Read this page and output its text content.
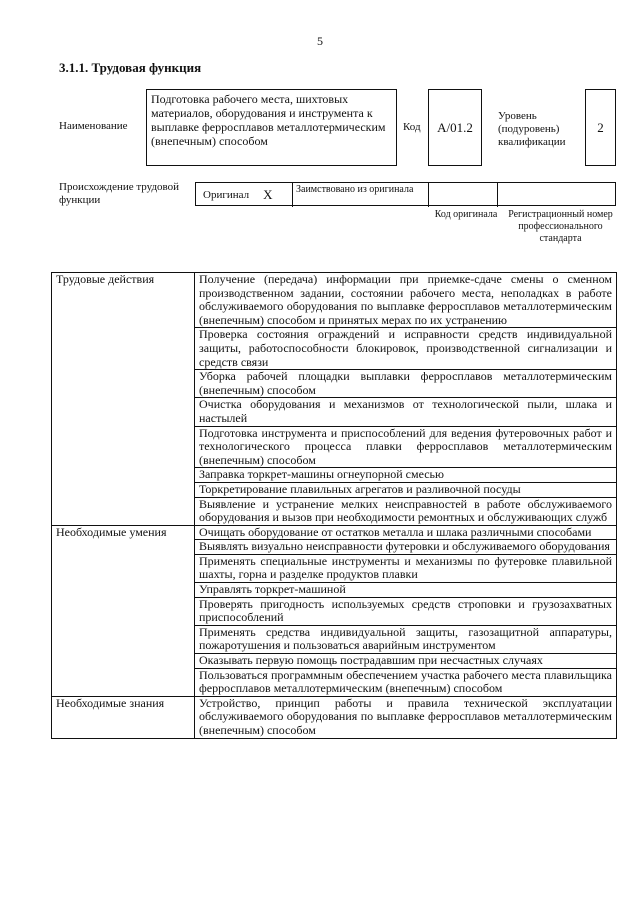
5
3.1.1. Трудовая функция
Наименование
Подготовка рабочего места, шихтовых материалов, оборудования и инструмента к выплавке ферросплавов металлотермическим (внепечным) способом
Код	A/01.2
Уровень (подуровень) квалификации
2
Происхождение трудовой функции	Оригинал X	Заимствовано из оригинала
Код оригинала	Регистрационный номер профессионального стандарта
Трудовые действия	Получение (передача) информации при приемке-сдаче смены о сменном производственном задании, состоянии рабочего места, неполадках в работе обслуживаемого оборудования по выплавке ферросплавов металлотермическим (внепечным) способом и принятых мерах по их устранению
	Проверка состояния ограждений и исправности средств индивидуальной защиты, работоспособности блокировок, производственной сигнализации и средств связи
	Уборка рабочей площадки выплавки ферросплавов металлотермическим (внепечным) способом
	Очистка оборудования и механизмов от технологической пыли, шлака и настылей
	Подготовка инструмента и приспособлений для ведения футеровочных работ и технологического процесса плавки ферросплавов металлотермическим (внепечным) способом
	Заправка торкрет-машины огнеупорной смесью
	Торкретирование плавильных агрегатов и разливочной посуды
	Выявление и устранение мелких неисправностей в работе обслуживаемого оборудования и вызов при необходимости ремонтных и обслуживающих служб
Необходимые умения	Очищать оборудование от остатков металла и шлака различными способами
	Выявлять визуально неисправности футеровки и обслуживаемого оборудования
	Применять специальные инструменты и механизмы по футеровке плавильной шахты, горна и разделке продуктов плавки
	Управлять торкрет-машиной
	Проверять пригодность используемых средств строповки и грузозахватных приспособлений
	Применять средства индивидуальной защиты, газозащитной аппаратуры, пожаротушения и пользоваться аварийным инструментом
	Оказывать первую помощь пострадавшим при несчастных случаях
	Пользоваться программным обеспечением участка рабочего места плавильщика ферросплавов металлотермическим (внепечным) способом
Необходимые знания	Устройство, принцип работы и правила технической эксплуатации обслуживаемого оборудования по выплавке ферросплавов металлотермическим (внепечным) способом
